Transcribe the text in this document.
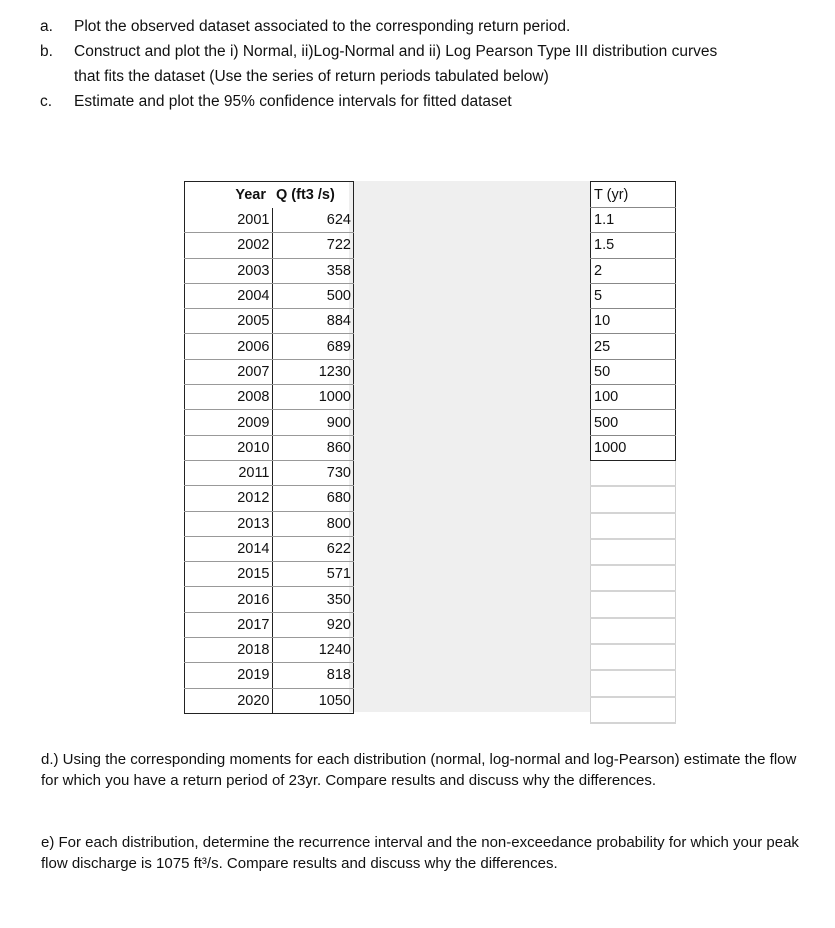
a.	Plot the observed dataset associated to the corresponding return period.
b.	Construct and plot the i) Normal, ii)Log-Normal and ii) Log Pearson Type III distribution curves that fits the dataset (Use the series of return periods tabulated below)
c.	Estimate and plot the 95% confidence intervals for fitted dataset
Year	Q (ft3 /s)
2001	624
2002	722
2003	358
2004	500
2005	884
2006	689
2007	1230
2008	1000
2009	900
2010	860
2011	730
2012	680
2013	800
2014	622
2015	571
2016	350
2017	920
2018	1240
2019	818
2020	1050
T (yr)
1.1
1.5
2
5
10
25
50
100
500
1000

d.) Using the corresponding moments for each distribution (normal, log-normal and log-Pearson) estimate the flow for which you have a return period of 23yr. Compare results and discuss why the differences.
e) For each distribution, determine the recurrence interval and the non-exceedance probability for which your peak flow discharge is 1075 ft³/s. Compare results and discuss why the differences.
